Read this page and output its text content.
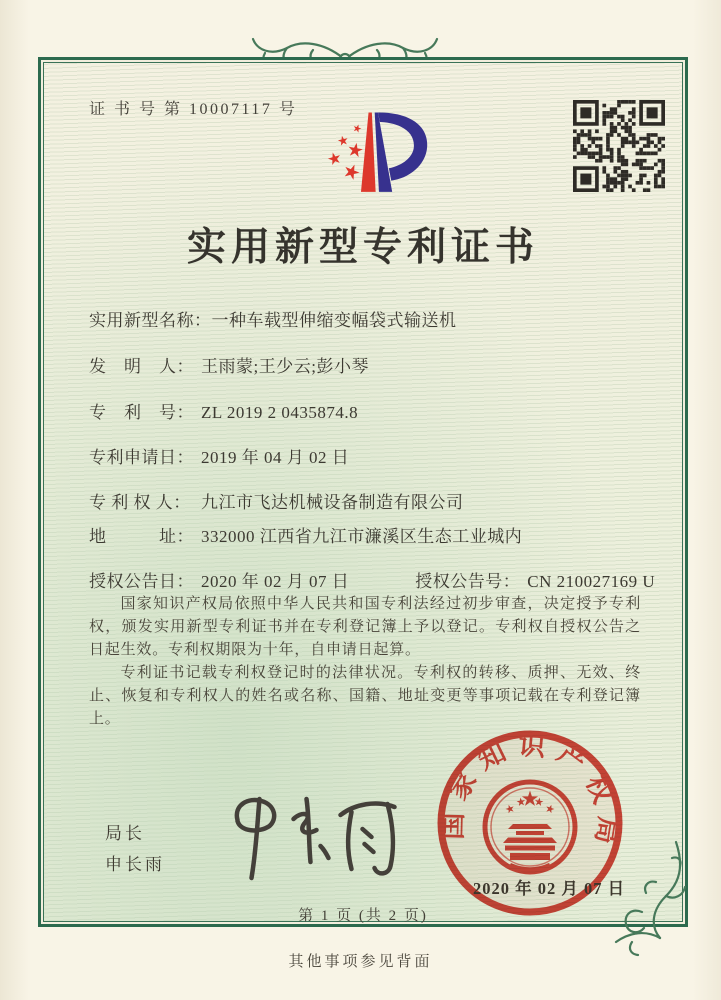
证 书 号 第 10007117 号
实用新型专利证书
实用新型名称：一种车载型伸缩变幅袋式输送机
发　明　人： 王雨蒙;王少云;彭小琴
专　利　号： ZL 2019 2 0435874.8
专利申请日： 2019 年 04 月 02 日
专 利 权 人： 九江市飞达机械设备制造有限公司
地　　　址： 332000 江西省九江市濂溪区生态工业城内
授权公告日： 2020 年 02 月 07 日	授权公告号： CN 210027169 U

国家知识产权局依照中华人民共和国专利法经过初步审查，决定授予专利权，颁发实用新型专利证书并在专利登记簿上予以登记。专利权自授权公告之日起生效。专利权期限为十年，自申请日起算。

专利证书记载专利权登记时的法律状况。专利权的转移、质押、无效、终止、恢复和专利权人的姓名或名称、国籍、地址变更等事项记载在专利登记簿上。

局长
申长雨
国家知识产权局
2020 年 02 月 07 日
第 1 页 (共 2 页)
其他事项参见背面
